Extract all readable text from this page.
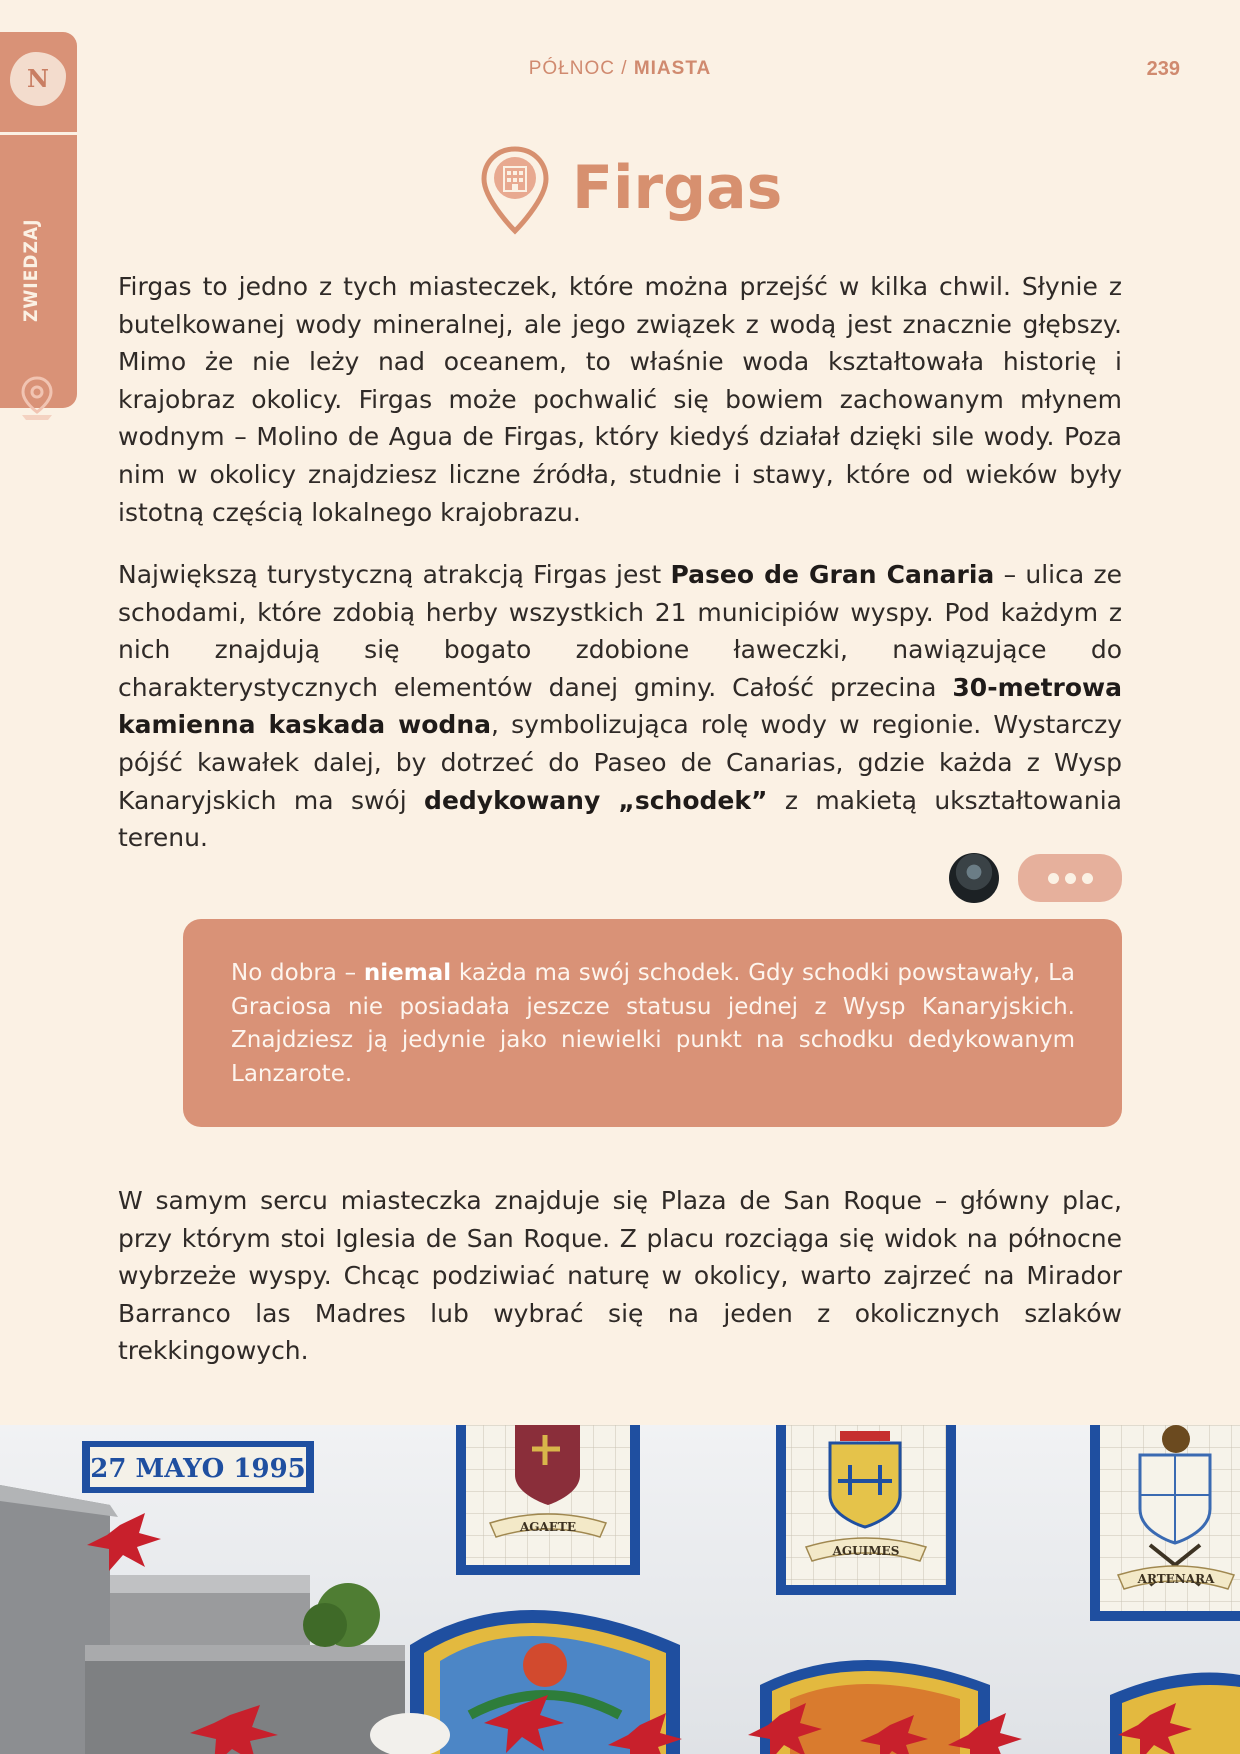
N
ZWIEDZAJ
PÓŁNOC / MIASTA	239
Firgas
Firgas to jedno z tych miasteczek, które można przejść w kilka chwil. Słynie z butelkowanej wody mineralnej, ale jego związek z wodą jest znacznie głębszy. Mimo że nie leży nad oceanem, to właśnie woda kształtowała historię i krajobraz okolicy. Firgas może pochwalić się bowiem zachowanym młynem wodnym – Molino de Agua de Firgas, który kiedyś działał dzięki sile wody. Poza nim w okolicy znajdziesz liczne źródła, studnie i stawy, które od wieków były istotną częścią lokalnego krajobrazu.
Największą turystyczną atrakcją Firgas jest Paseo de Gran Canaria – ulica ze schodami, które zdobią herby wszystkich 21 municipiów wyspy. Pod każdym z nich znajdują się bogato zdobione ławeczki, nawiązujące do charakterystycznych elementów danej gminy. Całość przecina 30-metrowa kamienna kaskada wodna, symbolizująca rolę wody w regionie. Wystarczy pójść kawałek dalej, by dotrzeć do Paseo de Canarias, gdzie każda z Wysp Kanaryjskich ma swój dedykowany „schodek” z makietą ukształtowania terenu.
No dobra – niemal każda ma swój schodek. Gdy schodki powstawały, La Graciosa nie posiadała jeszcze statusu jednej z Wysp Kanaryjskich. Znajdziesz ją jedynie jako niewielki punkt na schodku dedykowanym Lanzarote.
W samym sercu miasteczka znajduje się Plaza de San Roque – główny plac, przy którym stoi Iglesia de San Roque. Z placu rozciąga się widok na północne wybrzeże wyspy. Chcąc podziwiać naturę w okolicy, warto zajrzeć na Mirador Barranco las Madres lub wybrać się na jeden z okolicznych szlaków trekkingowych.
27 MAYO 1995
AGAETE
AGUIMES
ARTENARA
